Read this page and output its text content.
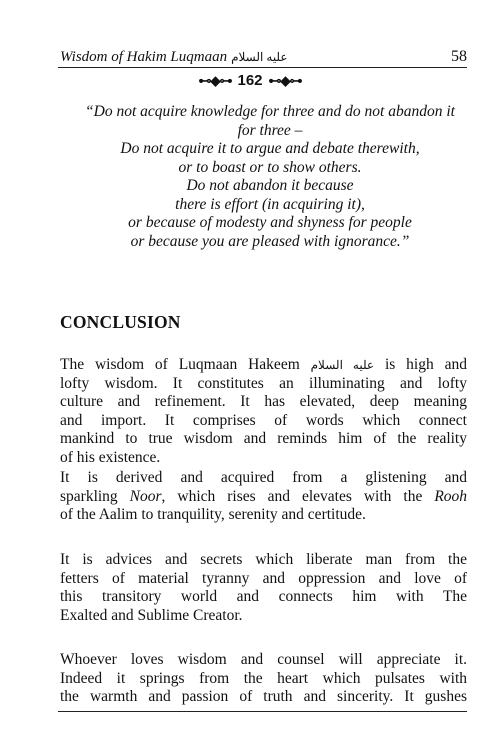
Wisdom of Hakim Luqmaan عليه السلام	58
⊷◆⊶ 162 ⊷◆⊶
“Do not acquire knowledge for three and do not abandon it
for three –
Do not acquire it to argue and debate therewith,
or to boast or to show others.
Do not abandon it because
there is effort (in acquiring it),
or because of modesty and shyness for people
or because you are pleased with ignorance.”
CONCLUSION
The wisdom of Luqmaan Hakeem عليه السلام is high and
lofty wisdom. It constitutes an illuminating and lofty
culture and refinement. It has elevated, deep meaning
and import. It comprises of words which connect
mankind to true wisdom and reminds him of the reality
of his existence.
It is derived and acquired from a glistening and
sparkling Noor, which rises and elevates with the Rooh
of the Aalim to tranquility, serenity and certitude.
It is advices and secrets which liberate man from the
fetters of material tyranny and oppression and love of
this transitory world and connects him with The
Exalted and Sublime Creator.
Whoever loves wisdom and counsel will appreciate it.
Indeed it springs from the heart which pulsates with
the warmth and passion of truth and sincerity. It gushes
